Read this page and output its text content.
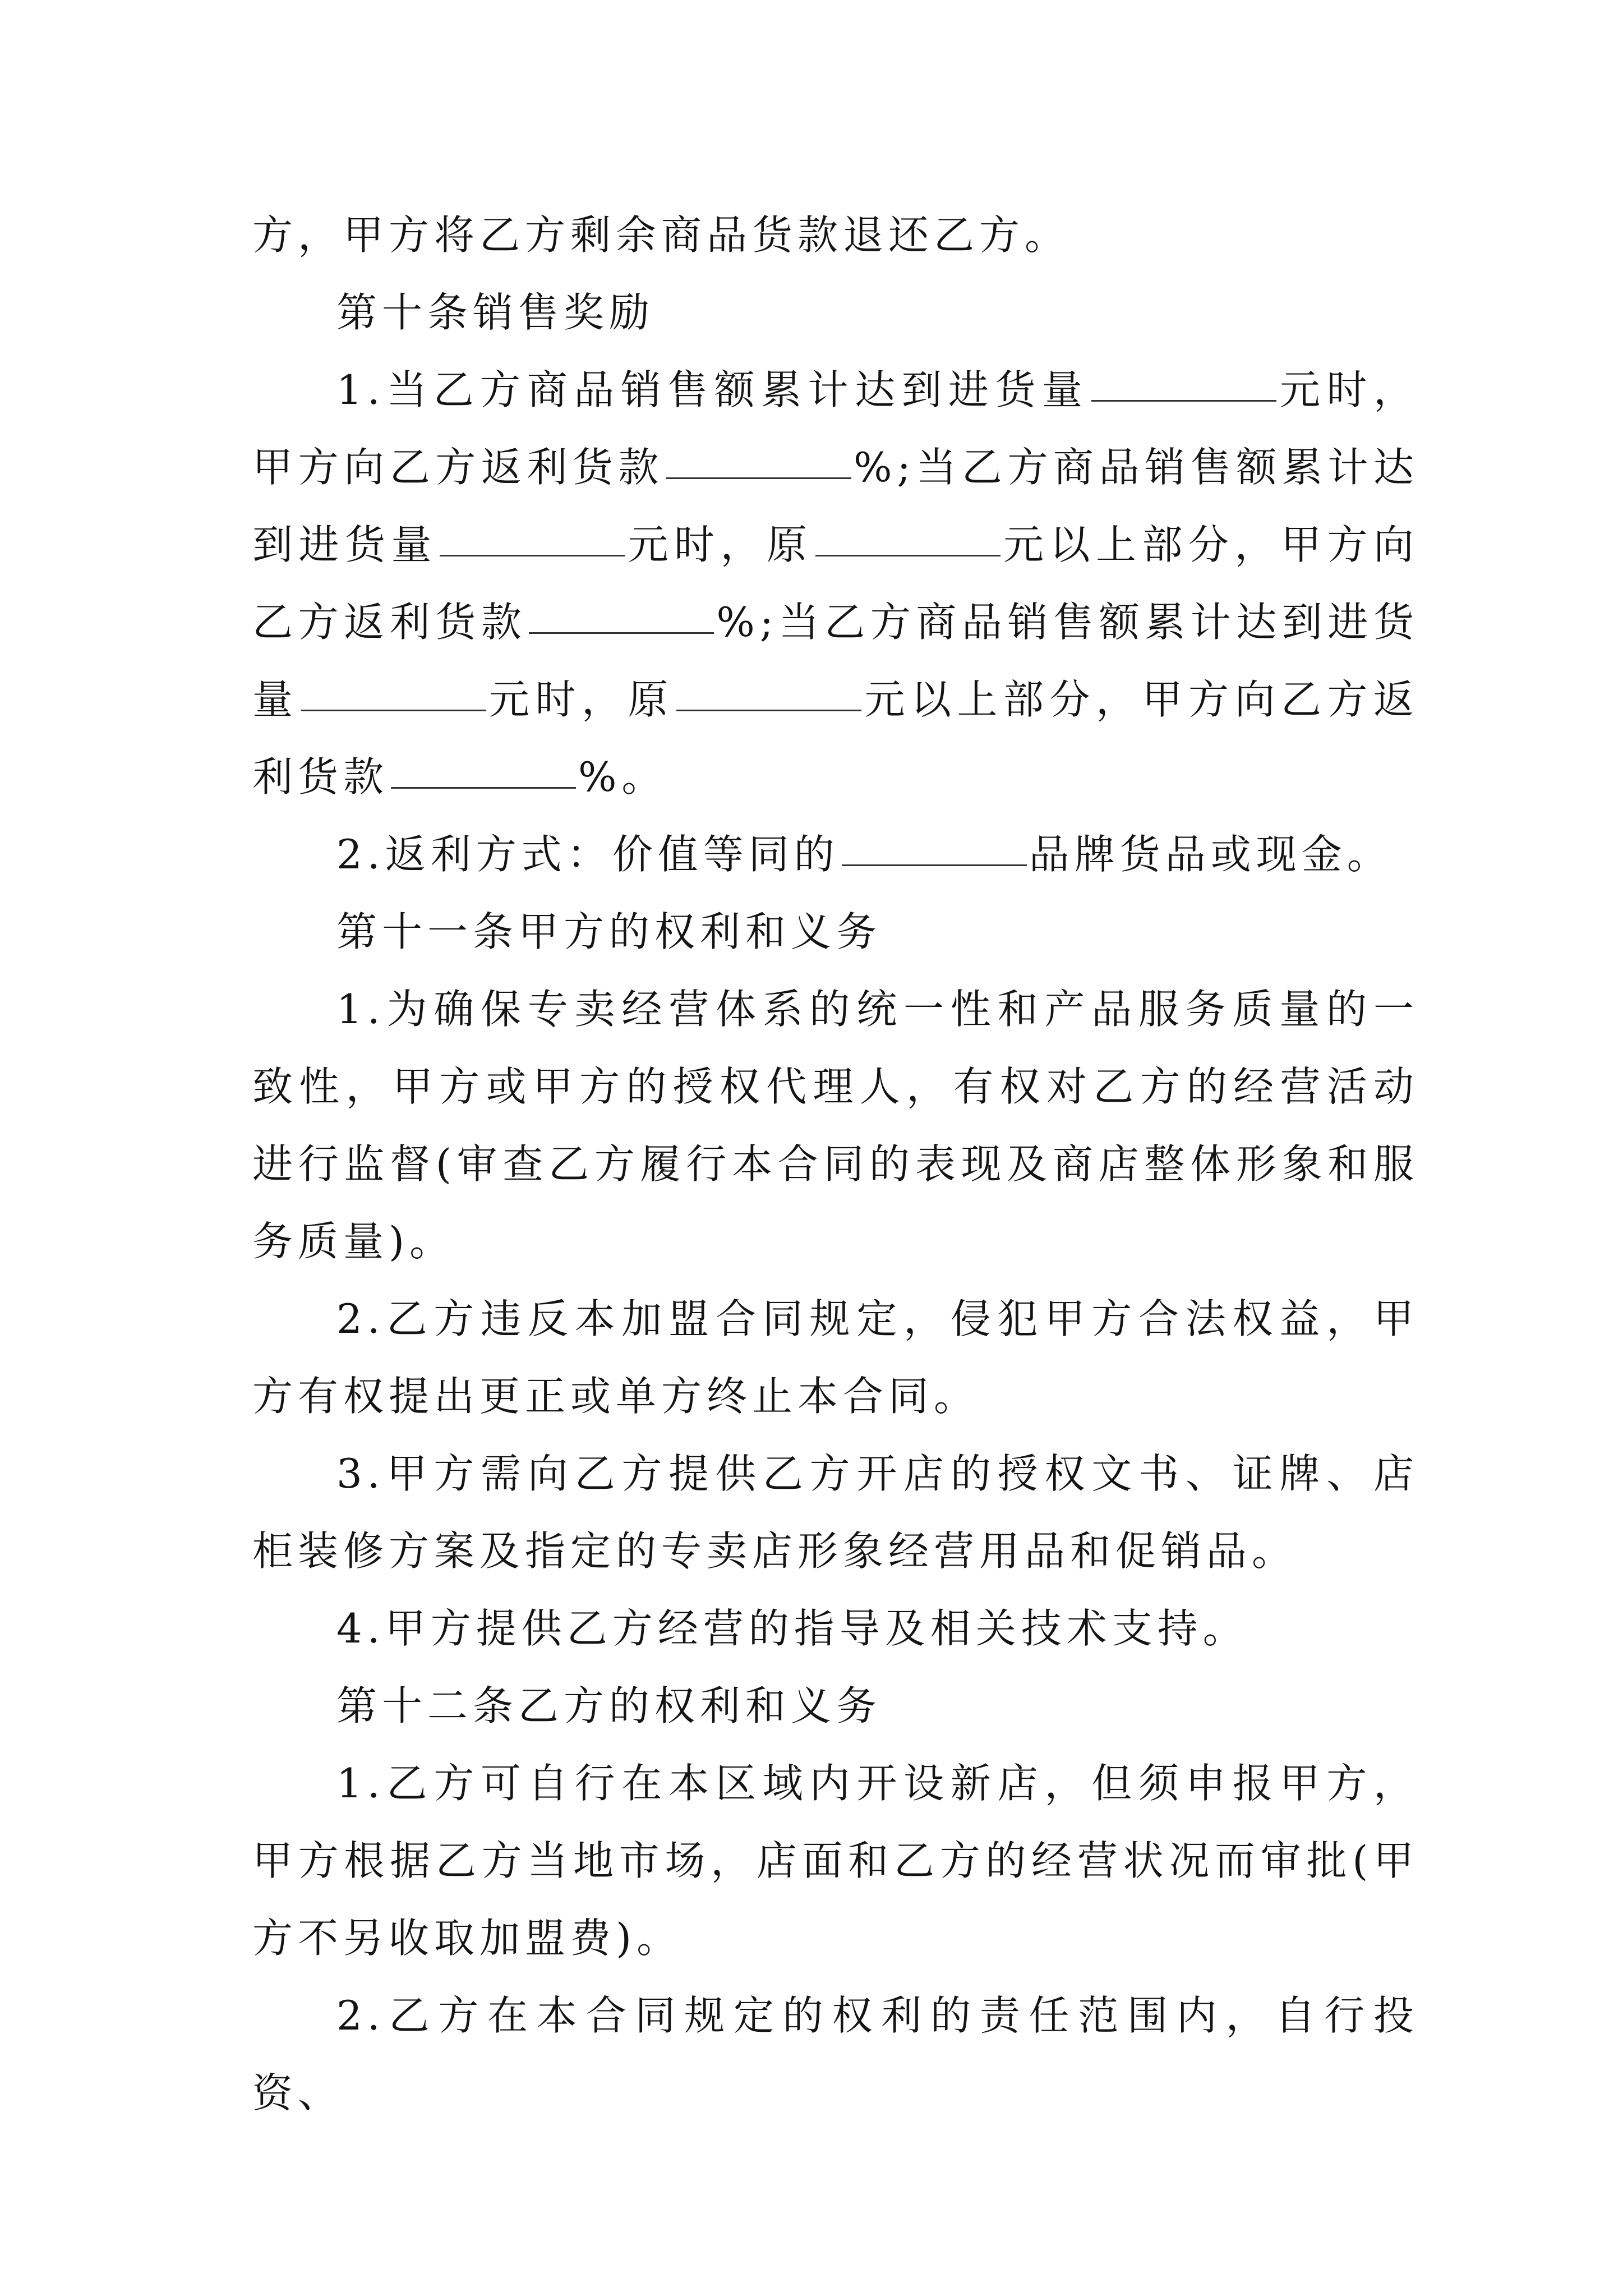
方，甲方将乙方剩余商品货款退还乙方。

第十条销售奖励

1.当乙方商品销售额累计达到进货量	元时，甲方向乙方返利货款	%;当乙方商品销售额累计达到进货量	元时，原	元以上部分，甲方向乙方返利货款	%;当乙方商品销售额累计达到进货量	元时，原	元以上部分，甲方向乙方返利货款	%。

2.返利方式：价值等同的	品牌货品或现金。

第十一条甲方的权利和义务

1.为确保专卖经营体系的统一性和产品服务质量的一致性，甲方或甲方的授权代理人，有权对乙方的经营活动进行监督(审查乙方履行本合同的表现及商店整体形象和服务质量)。

2.乙方违反本加盟合同规定，侵犯甲方合法权益，甲方有权提出更正或单方终止本合同。

3.甲方需向乙方提供乙方开店的授权文书、证牌、店柜装修方案及指定的专卖店形象经营用品和促销品。

4.甲方提供乙方经营的指导及相关技术支持。

第十二条乙方的权利和义务

1.乙方可自行在本区域内开设新店，但须申报甲方，甲方根据乙方当地市场，店面和乙方的经营状况而审批(甲方不另收取加盟费)。

2.乙方在本合同规定的权利的责任范围内，自行投资、
